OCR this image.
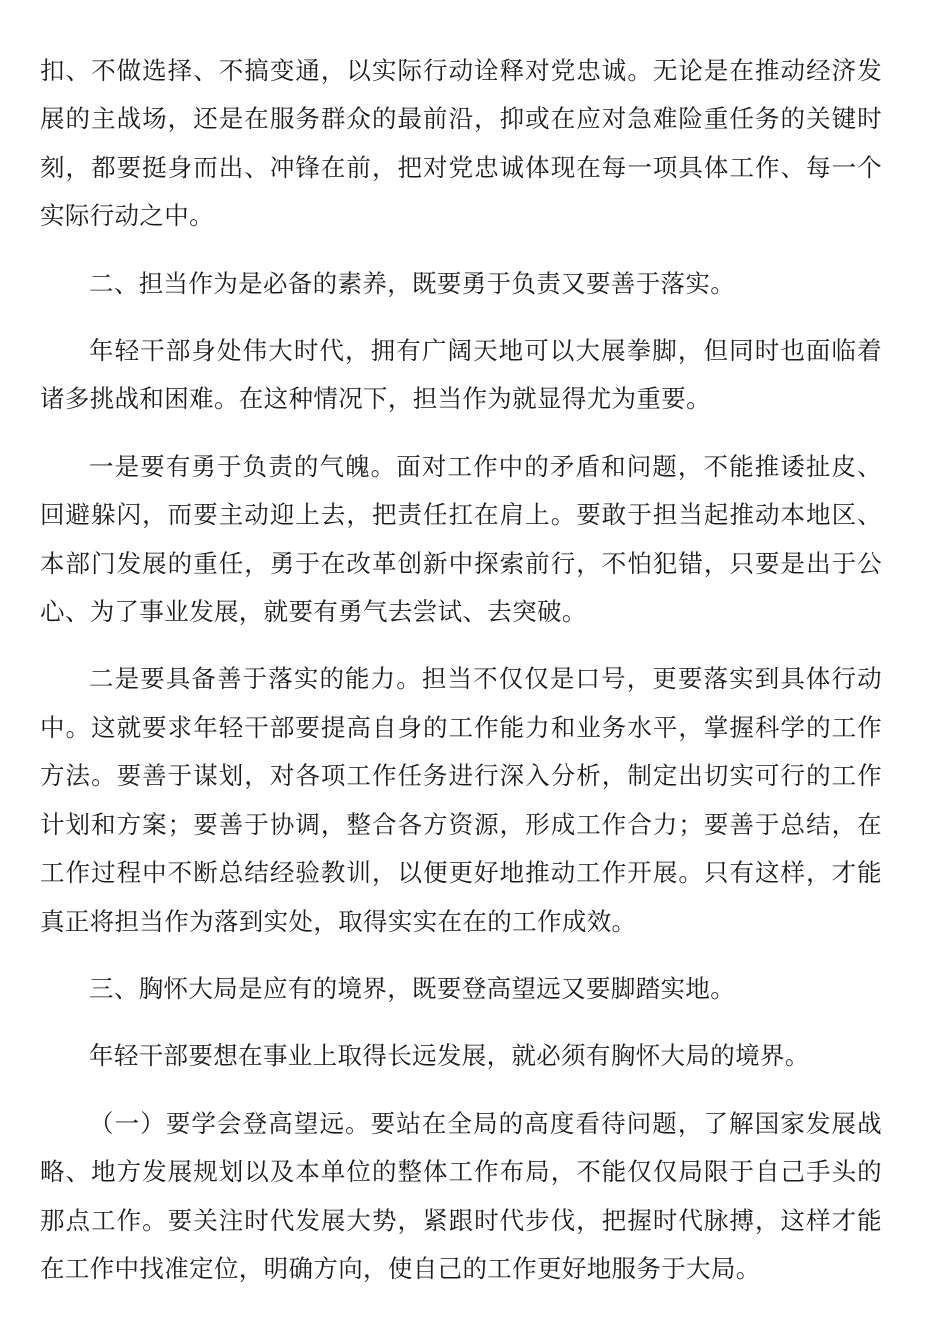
扣、不做选择、不搞变通，以实际行动诠释对党忠诚。无论是在推动经济发展的主战场，还是在服务群众的最前沿，抑或在应对急难险重任务的关键时刻，都要挺身而出、冲锋在前，把对党忠诚体现在每一项具体工作、每一个实际行动之中。

二、担当作为是必备的素养，既要勇于负责又要善于落实。

年轻干部身处伟大时代，拥有广阔天地可以大展拳脚，但同时也面临着诸多挑战和困难。在这种情况下，担当作为就显得尤为重要。

一是要有勇于负责的气魄。面对工作中的矛盾和问题，不能推诿扯皮、回避躲闪，而要主动迎上去，把责任扛在肩上。要敢于担当起推动本地区、本部门发展的重任，勇于在改革创新中探索前行，不怕犯错，只要是出于公心、为了事业发展，就要有勇气去尝试、去突破。

二是要具备善于落实的能力。担当不仅仅是口号，更要落实到具体行动中。这就要求年轻干部要提高自身的工作能力和业务水平，掌握科学的工作方法。要善于谋划，对各项工作任务进行深入分析，制定出切实可行的工作计划和方案；要善于协调，整合各方资源，形成工作合力；要善于总结，在工作过程中不断总结经验教训，以便更好地推动工作开展。只有这样，才能真正将担当作为落到实处，取得实实在在的工作成效。

三、胸怀大局是应有的境界，既要登高望远又要脚踏实地。

年轻干部要想在事业上取得长远发展，就必须有胸怀大局的境界。

（一）要学会登高望远。要站在全局的高度看待问题，了解国家发展战略、地方发展规划以及本单位的整体工作布局，不能仅仅局限于自己手头的那点工作。要关注时代发展大势，紧跟时代步伐，把握时代脉搏，这样才能在工作中找准定位，明确方向，使自己的工作更好地服务于大局。
